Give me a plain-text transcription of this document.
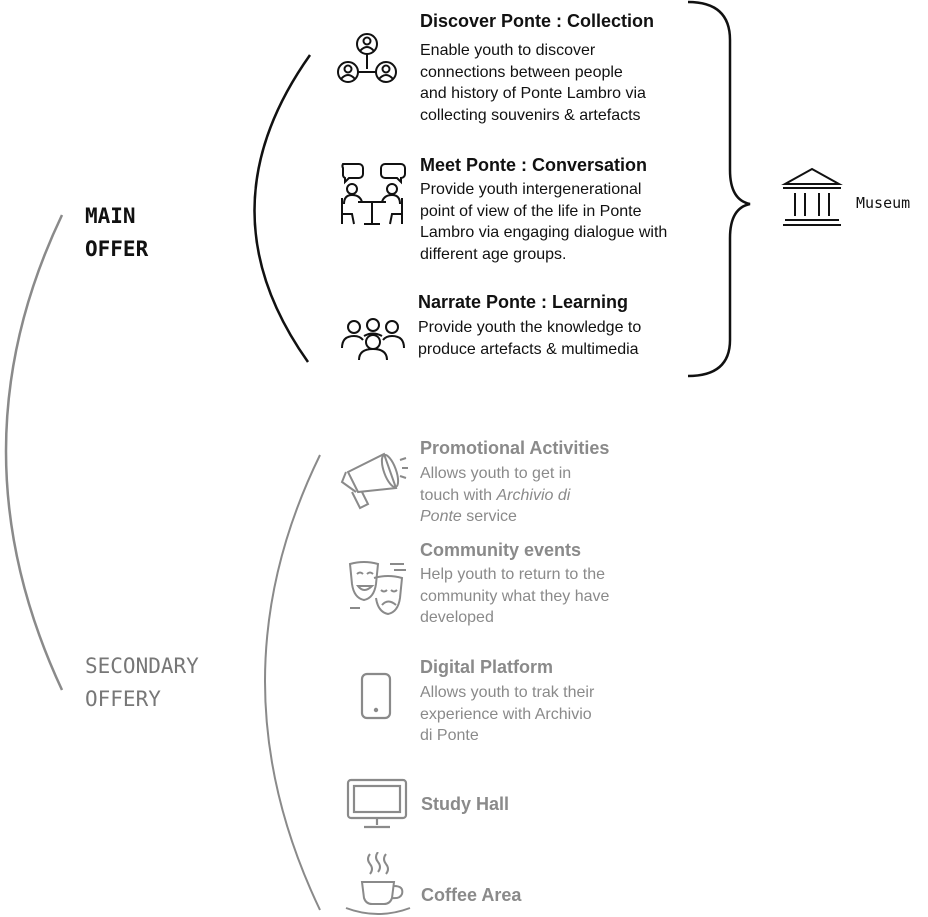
MAIN
OFFER
SECONDARY
OFFERY
Discover Ponte : Collection
Enable youth to discover
connections between people
and history of Ponte Lambro via
collecting souvenirs & artefacts
Meet Ponte : Conversation
Provide youth intergenerational
point of view of the life in Ponte
Lambro via engaging dialogue with
different age groups.
Narrate Ponte : Learning
Provide youth the knowledge to
produce artefacts & multimedia
Museum
Promotional Activities
Allows youth to get in
touch with Archivio di
Ponte service
Community events
Help youth to return to the
community what they have
developed
Digital Platform
Allows youth to trak their
experience with Archivio
di Ponte
Study Hall
Coffee Area
